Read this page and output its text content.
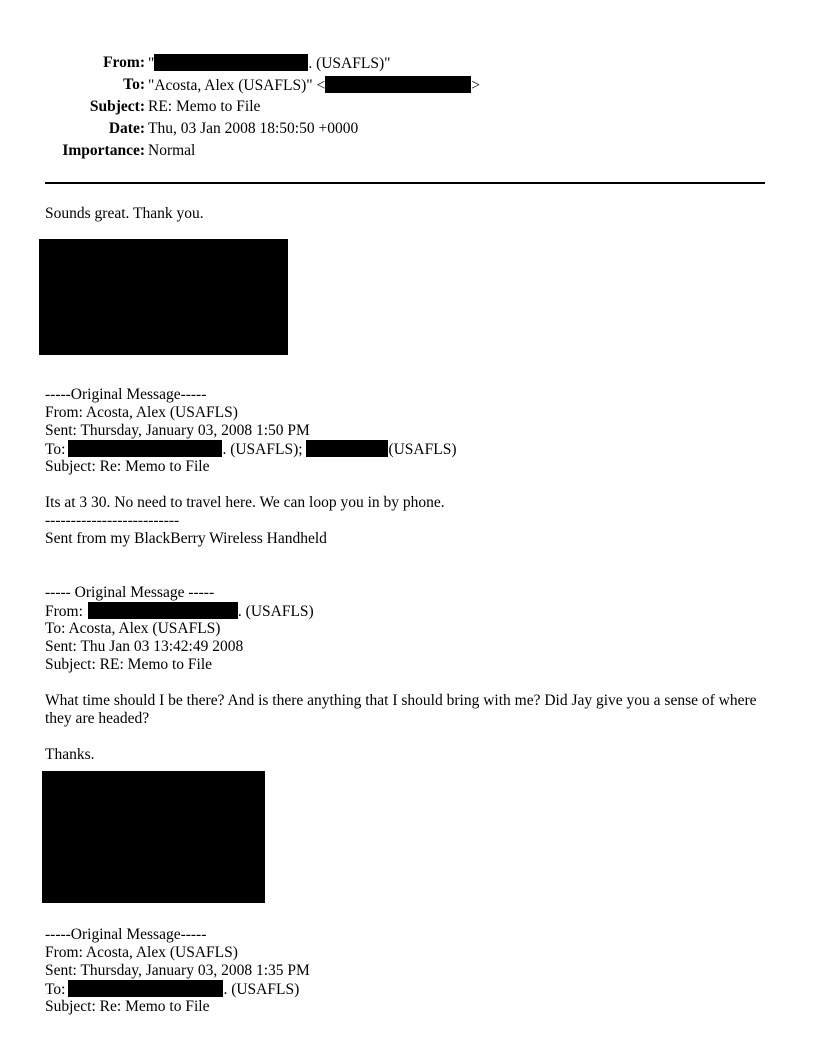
From: "	. (USAFLS)"
To: "Acosta, Alex (USAFLS)" <	>
Subject: RE: Memo to File
Date: Thu, 03 Jan 2008 18:50:50 +0000
Importance: Normal
Sounds great. Thank you.
-----Original Message-----
From: Acosta, Alex (USAFLS)
Sent: Thursday, January 03, 2008 1:50 PM
To:	. (USAFLS);	(USAFLS)
Subject: Re: Memo to File
Its at 3 30. No need to travel here. We can loop you in by phone.
--------------------------
Sent from my BlackBerry Wireless Handheld
----- Original Message -----
From:	. (USAFLS)
To: Acosta, Alex (USAFLS)
Sent: Thu Jan 03 13:42:49 2008
Subject: RE: Memo to File
What time should I be there? And is there anything that I should bring with me? Did Jay give you a sense of where they are headed?
Thanks.
-----Original Message-----
From: Acosta, Alex (USAFLS)
Sent: Thursday, January 03, 2008 1:35 PM
To:	. (USAFLS)
Subject: Re: Memo to File
